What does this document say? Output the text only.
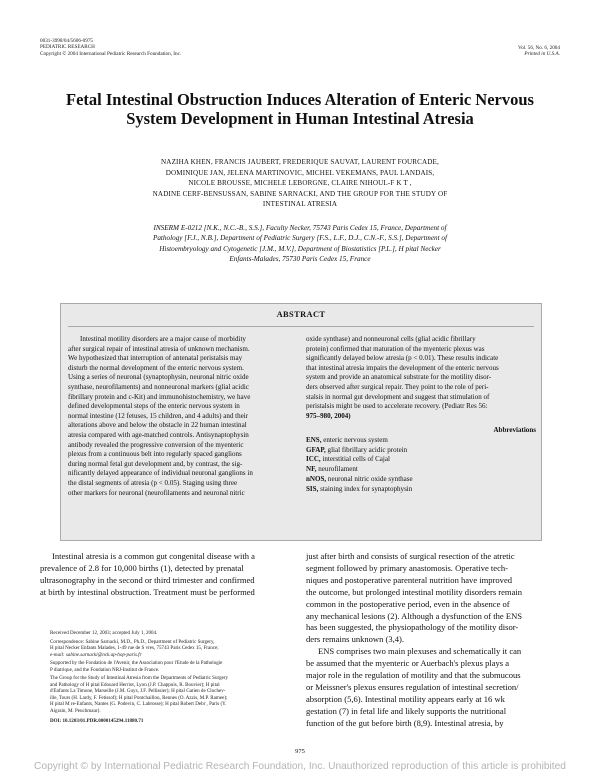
0031-3998/04/5606-0975
PEDIATRIC RESEARCH
Copyright © 2004 International Pediatric Research Foundation, Inc.
Vol. 56, No. 6, 2004
Printed in U.S.A.
Fetal Intestinal Obstruction Induces Alteration of Enteric Nervous System Development in Human Intestinal Atresia
NAZIHA KHEN, FRANCIS JAUBERT, FREDERIQUE SAUVAT, LAURENT FOURCADE,
DOMINIQUE JAN, JELENA MARTINOVIC, MICHEL VEKEMANS, PAUL LANDAIS,
NICOLE BROUSSE, MICHELE LEBORGNE, CLAIRE NIHOUL-F K T ,
NADINE CERF-BENSUSSAN, SABINE SARNACKI, AND THE GROUP FOR THE STUDY OF
INTESTINAL ATRESIA
INSERM E-0212 [N.K., N.C.-B., S.S.], Faculty Necker, 75743 Paris Cedex 15, France, Department of
Pathology [F.J., N.B.], Department of Pediatric Surgery [F.S., L.F., D.J., C.N.-F., S.S.], Department of
Histoembryology and Cytogenetic [J.M., M.V.], Department of Biostatistics [P.L.], H pital Necker
Enfants-Malades, 75730 Paris Cedex 15, France
ABSTRACT
Intestinal motility disorders are a major cause of morbidity
after surgical repair of intestinal atresia of unknown mechanism.
We hypothesized that interruption of antenatal peristalsis may
disturb the normal development of the enteric nervous system.
Using a series of neuronal (synaptophysin, neuronal nitric oxide
synthase, neurofilaments) and nonneuronal markers (glial acidic
fibrillary protein and c-Kit) and immunohistochemistry, we have
defined developmental steps of the enteric nervous system in
normal intestine (12 fetuses, 15 children, and 4 adults) and their
alterations above and below the obstacle in 22 human intestinal
atresia compared with age-matched controls. Antisynaptophysin
antibody revealed the progressive conversion of the myenteric
plexus from a continuous belt into regularly spaced ganglions
during normal fetal gut development and, by contrast, the sig-
nificantly delayed appearance of individual neuronal ganglions in
the distal segments of atresia (p < 0.05). Staging using three
other markers for neuronal (neurofilaments and neuronal nitric
oxide synthase) and nonneuronal cells (glial acidic fibrillary
protein) confirmed that maturation of the myenteric plexus was
significantly delayed below atresia (p < 0.01). These results indicate
that intestinal atresia impairs the development of the enteric nervous
system and provide an anatomical substrate for the motility disor-
ders observed after surgical repair. They point to the role of peri-
stalsis in normal gut development and suggest that stimulation of
peristalsis might be used to accelerate recovery. (Pediatr Res 56:
975–980, 2004)
Abbreviations
ENS, enteric nervous system
GFAP, glial fibrillary acidic protein
ICC, interstitial cells of Cajal
NF, neurofilament
nNOS, neuronal nitric oxide synthase
SIS, staining index for synaptophysin
Intestinal atresia is a common gut congenital disease with a
prevalence of 2.8 for 10,000 births (1), detected by prenatal
ultrasonography in the second or third trimester and confirmed
at birth by intestinal obstruction. Treatment must be performed
just after birth and consists of surgical resection of the atretic
segment followed by primary anastomosis. Operative tech-
niques and postoperative parenteral nutrition have improved
the outcome, but prolonged intestinal motility disorders remain
common in the postoperative period, even in the absence of
any mechanical lesions (2). Although a dysfunction of the ENS
has been suggested, the physiopathology of the motility disor-
ders remains unknown (3,4).
ENS comprises two main plexuses and schematically it can
be assumed that the myenteric or Auerbach's plexus plays a
major role in the regulation of motility and that the submucous
or Meissner's plexus ensures regulation of intestinal secretion/
absorption (5,6). Intestinal motility appears early at 16 wk
gestation (7) in fetal life and likely supports the nutritional
function of the gut before birth (8,9). Intestinal atresia, by
Received December 12, 2003; accepted July 1, 2004.
Correspondence: Sabine Sarnacki, M.D., Ph.D., Department of Pediatric Surgery,
H pital Necker Enfants Malades, 1-49 rue de S vres, 75743 Paris Cedex 15, France;
e-mail: sabine.sarnacki@nck.ap-hop-paris.fr
Supported by the Fondation de l'Avenir, the Association pour l'Etude de la Pathologie
P diatrique, and the Fondation NRJ-Institut de France.
The Group for the Study of Intestinal Atresia from the Departments of Pediatric Surgery
and Pathology of H pital Edouard Herriot, Lyon (J.P. Chappuis, R. Bouvier); H pital
d'Enfants La Timone, Marseille (J.M. Guys, J.F. Pellissier); H pital Gatien de Clochev-
ille, Tours (H. Lardy, F. Fetissof); H pital Pontchaillou, Rennes (O. Azzis, M.P. Ramee);
H pital M re-Enfants, Nantes (G. Podevin, C. Labrosse); H pital Robert Debr , Paris (Y.
Aigrain, M. Peuchmaur).
DOI: 10.1203/01.PDR.0000145294.11880.71
975
Copyright © by International Pediatric Research Foundation, Inc. Unauthorized reproduction of this article is prohibited
